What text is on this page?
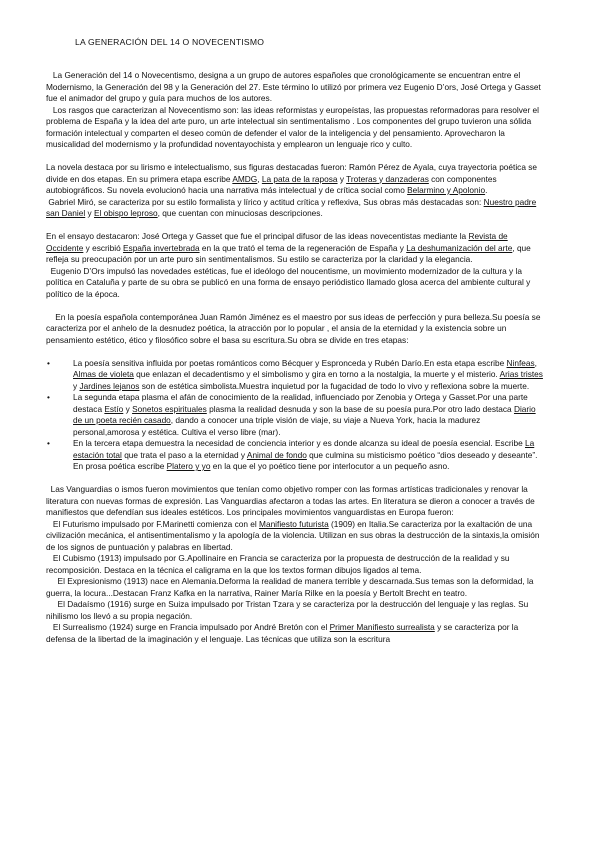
LA GENERACIÓN DEL 14 O NOVECENTISMO

La Generación del 14 o Novecentismo, designa a un grupo de autores españoles que cronológicamente se encuentran entre el Modernismo, la Generación del 98 y la Generación del 27. Este término lo utilizó por primera vez Eugenio D’ors, José Ortega y Gasset fue el animador del grupo y guía para muchos de los autores.

Los rasgos que caracterizan al Novecentismo son: las ideas reformistas y europeístas, las propuestas reformadoras para resolver el problema de España y la idea del arte puro, un arte intelectual sin sentimentalismo . Los componentes del grupo tuvieron una sólida formación intelectual y comparten el deseo común de defender el valor de la inteligencia y del pensamiento. Aprovecharon la musicalidad del modernismo y la profundidad noventayochista y emplearon un lenguaje rico y culto.

La novela destaca por su lirismo e intelectualismo, sus figuras destacadas fueron: Ramón Pérez de Ayala, cuya trayectoria poética se divide en dos etapas. En su primera etapa escribe AMDG, La pata de la raposa y Troteras y danzaderas con componentes autobiográficos. Su novela evolucionó hacia una narrativa más intelectual y de crítica social como Belarmino y Apolonio.

Gabriel Miró, se caracteriza por su estilo formalista y lírico y actitud crítica y reflexiva, Sus obras más destacadas son: Nuestro padre san Daniel y El obispo leproso, que cuentan con minuciosas descripciones.

En el ensayo destacaron: José Ortega y Gasset que fue el principal difusor de las ideas novecentistas mediante la Revista de Occidente y escribió España invertebrada en la que trató el tema de la regeneración de España y La deshumanización del arte, que refleja su preocupación por un arte puro sin sentimentalismos. Su estilo se caracteriza por la claridad y la elegancia.

Eugenio D’Ors impulsó las novedades estéticas, fue el ideólogo del noucentisme, un movimiento modernizador de la cultura y la política en Cataluña y parte de su obra se publicó en una forma de ensayo periódistico llamado glosa acerca del ambiente cultural y político de la época.

En la poesía española contemporánea Juan Ramón Jiménez es el maestro por sus ideas de perfección y pura belleza.Su poesía se caracteriza por el anhelo de la desnudez poética, la atracción por lo popular , el ansia de la eternidad y la existencia sobre un pensamiento estético, ético y filosófico sobre el basa su escritura.Su obra se divide en tres etapas:

•	La poesía sensitiva influida por poetas románticos como Bécquer y Espronceda y Rubén Darío.En esta etapa escribe Ninfeas, Almas de violeta que enlazan el decadentismo y el simbolismo y gira en torno a la nostalgia, la muerte y el misterio. Arias tristes y Jardines lejanos son de estética simbolista.Muestra inquietud por la fugacidad de todo lo vivo y reflexiona sobre la muerte.

•	La segunda etapa plasma el afán de conocimiento de la realidad, influenciado por Zenobia y Ortega y Gasset.Por una parte destaca Estío y Sonetos espirituales plasma la realidad desnuda y son la base de su poesía pura.Por otro lado destaca Diario de un poeta recién casado, dando a conocer una triple visión de viaje, su viaje a Nueva York, hacia la madurez personal,amorosa y estética. Cultiva el verso libre (mar).

•	En la tercera etapa demuestra la necesidad de conciencia interior y es donde alcanza su ideal de poesía esencial. Escribe La estación total que trata el paso a la eternidad y Animal de fondo que culmina su misticismo poético “dios deseado y deseante”. En prosa poética escribe Platero y yo en la que el yo poético tiene por interlocutor a un pequeño asno.

Las Vanguardias o ismos fueron movimientos que tenían como objetivo romper con las formas artísticas tradicionales y renovar la literatura con nuevas formas de expresión. Las Vanguardias afectaron a todas las artes. En literatura se dieron a conocer a través de manifiestos que defendían sus ideales estéticos. Los principales movimientos vanguardistas en Europa fueron:

El Futurismo impulsado por F.Marinetti comienza con el Manifiesto futurista (1909) en Italia.Se caracteriza por la exaltación de una civilización mecánica, el antisentimentalismo y la apología de la violencia. Utilizan en sus obras la destrucción de la sintaxis,la omisión de los signos de puntuación y palabras en libertad.

El Cubismo (1913) impulsado por G.Apollinaire en Francia se caracteriza por la propuesta de destrucción de la realidad y su recomposición. Destaca en la técnica el caligrama en la que los textos forman dibujos ligados al tema.

El Expresionismo (1913) nace en Alemania.Deforma la realidad de manera terrible y descarnada.Sus temas son la deformidad, la guerra, la locura...Destacan Franz Kafka en la narrativa, Rainer María Rilke en la poesía y Bertolt Brecht en teatro.

El Dadaísmo (1916) surge en Suiza impulsado por Tristan Tzara y se caracteriza por la destrucción del lenguaje y las reglas. Su nihilismo los llevó a su propia negación.

El Surrealismo (1924) surge en Francia impulsado por André Bretón con el Primer Manifiesto surrealista y se caracteriza por la defensa de la libertad de la imaginación y el lenguaje. Las técnicas que utiliza son la escritura
